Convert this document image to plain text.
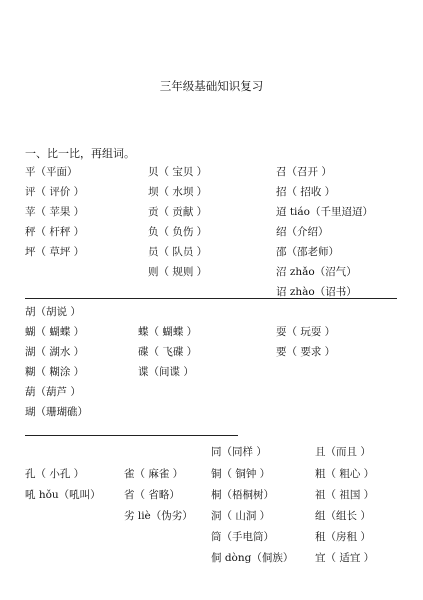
三年级基础知识复习
一、比一比，再组词。
平（平面）
评（ 评价 ）
苹（ 苹果 ）
秤（ 杆秤 ）
坪（ 草坪 ）
贝（ 宝贝 ）
坝（ 水坝 ）
贡（ 贡献 ）
负（ 负伤 ）
员（ 队员 ）
则（ 规则 ）
召（召开 ）
招（ 招收 ）
迢 tiáo（千里迢迢）
绍（介绍）
邵（邵老师）
沼 zhǎo（沼气）
诏 zhào（诏书）
胡（胡说 ）
蝴（ 蝴蝶 ）
湖（ 湖水 ）
糊（ 糊涂 ）
葫（葫芦 ）
瑚（珊瑚礁）
蝶（ 蝴蝶 ）
碟（ 飞碟 ）
谍（间谍 ）
耍（ 玩耍 ）
要（ 要求 ）
孔（ 小孔 ）
吼 hǒu（吼叫）
雀（ 麻雀 ）
省（ 省略）
劣 liè（伪劣）
同（同样 ）
铜（ 铜钟 ）
桐（梧桐树）
洞（ 山洞 ）
筒（手电筒）
侗 dòng（侗族）
且（而且 ）
粗（ 粗心 ）
祖（ 祖国 ）
组（组长 ）
租（房租 ）
宜（ 适宜 ）
